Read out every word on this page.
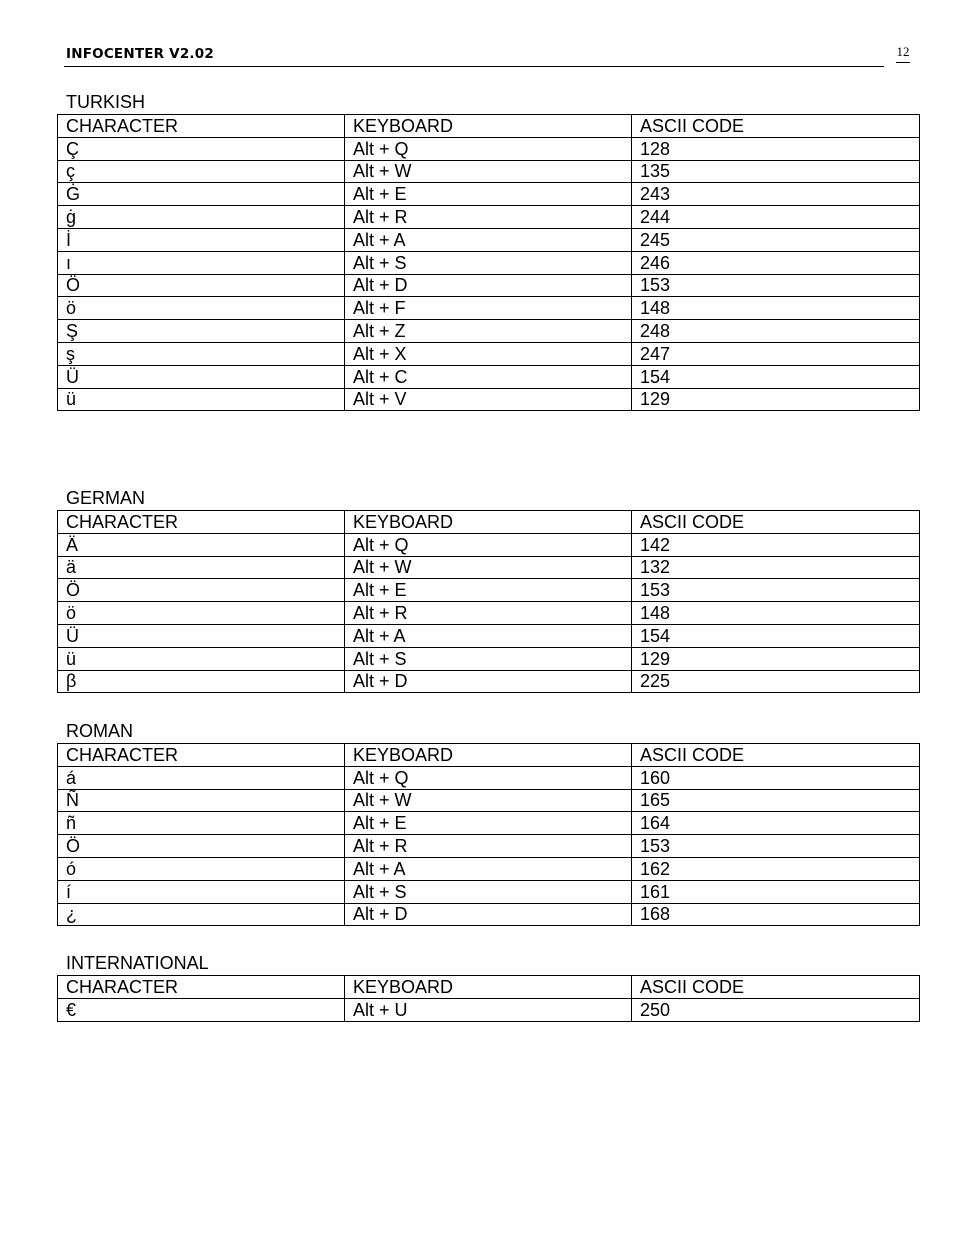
INFOCENTER V2.02	12
TURKISH
CHARACTER	KEYBOARD	ASCII CODE
Ç	Alt + Q	128
ç	Alt + W	135
Ġ	Alt + E	243
ġ	Alt + R	244
İ	Alt + A	245
ı	Alt + S	246
Ö	Alt + D	153
ö	Alt + F	148
Ş	Alt + Z	248
ş	Alt + X	247
Ü	Alt + C	154
ü	Alt + V	129
GERMAN
CHARACTER	KEYBOARD	ASCII CODE
Ä	Alt + Q	142
ä	Alt + W	132
Ö	Alt + E	153
ö	Alt + R	148
Ü	Alt + A	154
ü	Alt + S	129
β	Alt + D	225
ROMAN
CHARACTER	KEYBOARD	ASCII CODE
á	Alt + Q	160
Ñ	Alt + W	165
ñ	Alt + E	164
Ö	Alt + R	153
ó	Alt + A	162
í	Alt + S	161
¿	Alt + D	168
INTERNATIONAL
CHARACTER	KEYBOARD	ASCII CODE
€	Alt + U	250
